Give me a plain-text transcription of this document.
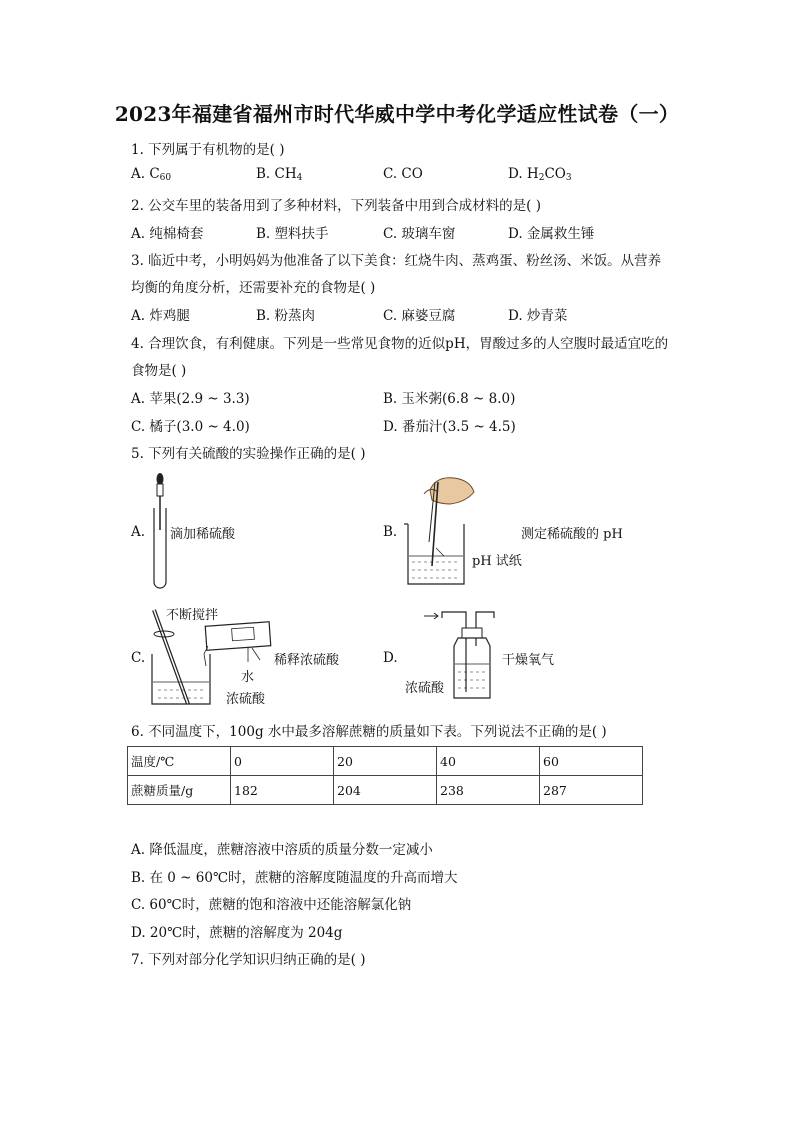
2023年福建省福州市时代华威中学中考化学适应性试卷（一）
1. 下列属于有机物的是( )
A. $C_{60}$	B. $CH_4$	C. CO	D. $H_2CO_3$
2. 公交车里的装备用到了多种材料，下列装备中用到合成材料的是( )
A. 纯棉椅套	B. 塑料扶手	C. 玻璃车窗	D. 金属救生锤
3. 临近中考，小明妈妈为他准备了以下美食：红烧牛肉、蒸鸡蛋、粉丝汤、米饭。从营养
均衡的角度分析，还需要补充的食物是( )
A. 炸鸡腿	B. 粉蒸肉	C. 麻婆豆腐	D. 炒青菜
4. 合理饮食，有利健康。下列是一些常见食物的近似pH，胃酸过多的人空腹时最适宜吃的
食物是( )
A. 苹果(2.9 ~ 3.3)	B. 玉米粥(6.8 ~ 8.0)
C. 橘子(3.0 ~ 4.0)	D. 番茄汁(3.5 ~ 4.5)
5. 下列有关硫酸的实验操作正确的是( )
A. 滴加稀硫酸	B.	测定稀硫酸的 pH
pH 试纸
C.
不断搅拌
稀释浓硫酸
水
浓硫酸
D.	干燥氧气
浓硫酸
6. 不同温度下，100g 水中最多溶解蔗糖的质量如下表。下列说法不正确的是( )
温度/℃	0	20	40	60
蔗糖质量/g	182	204	238	287
A. 降低温度，蔗糖溶液中溶质的质量分数一定减小
B. 在 0 ~ 60℃时，蔗糖的溶解度随温度的升高而增大
C. 60℃时，蔗糖的饱和溶液中还能溶解氯化钠
D. 20℃时，蔗糖的溶解度为 204g
7. 下列对部分化学知识归纳正确的是( )
